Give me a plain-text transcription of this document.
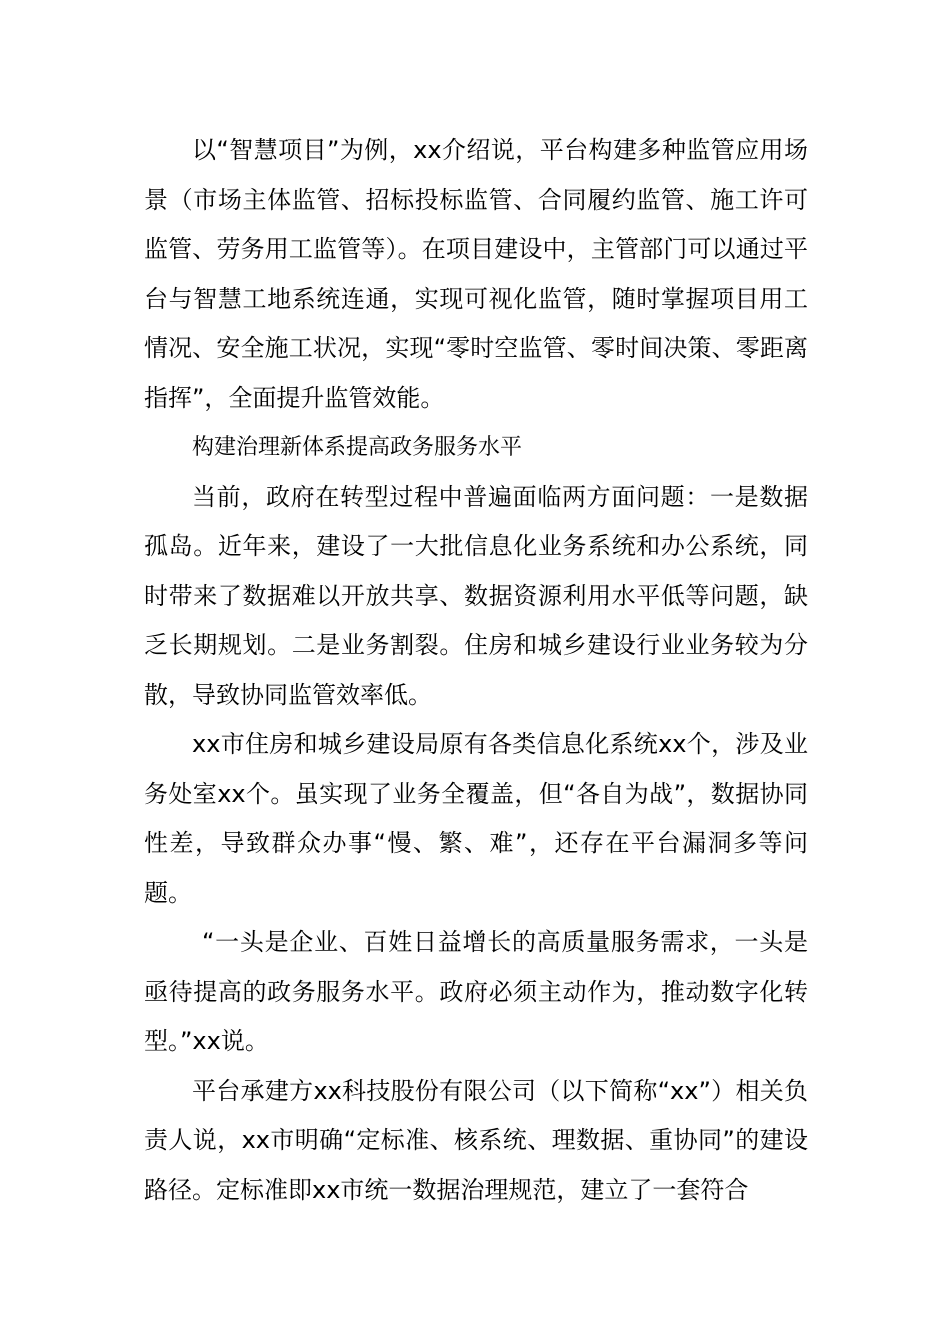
以“智慧项目”为例，xx介绍说，平台构建多种监管应用场景（市场主体监管、招标投标监管、合同履约监管、施工许可监管、劳务用工监管等）。在项目建设中，主管部门可以通过平台与智慧工地系统连通，实现可视化监管，随时掌握项目用工情况、安全施工状况，实现“零时空监管、零时间决策、零距离指挥”，全面提升监管效能。

构建治理新体系提高政务服务水平

当前，政府在转型过程中普遍面临两方面问题：一是数据孤岛。近年来，建设了一大批信息化业务系统和办公系统，同时带来了数据难以开放共享、数据资源利用水平低等问题，缺乏长期规划。二是业务割裂。住房和城乡建设行业业务较为分散，导致协同监管效率低。

xx市住房和城乡建设局原有各类信息化系统xx个，涉及业务处室xx个。虽实现了业务全覆盖，但“各自为战”，数据协同性差，导致群众办事“慢、繁、难”，还存在平台漏洞多等问题。

“一头是企业、百姓日益增长的高质量服务需求，一头是亟待提高的政务服务水平。政府必须主动作为，推动数字化转型。”xx说。

平台承建方xx科技股份有限公司（以下简称“xx”）相关负责人说，xx市明确“定标准、核系统、理数据、重协同”的建设路径。定标准即xx市统一数据治理规范，建立了一套符合
